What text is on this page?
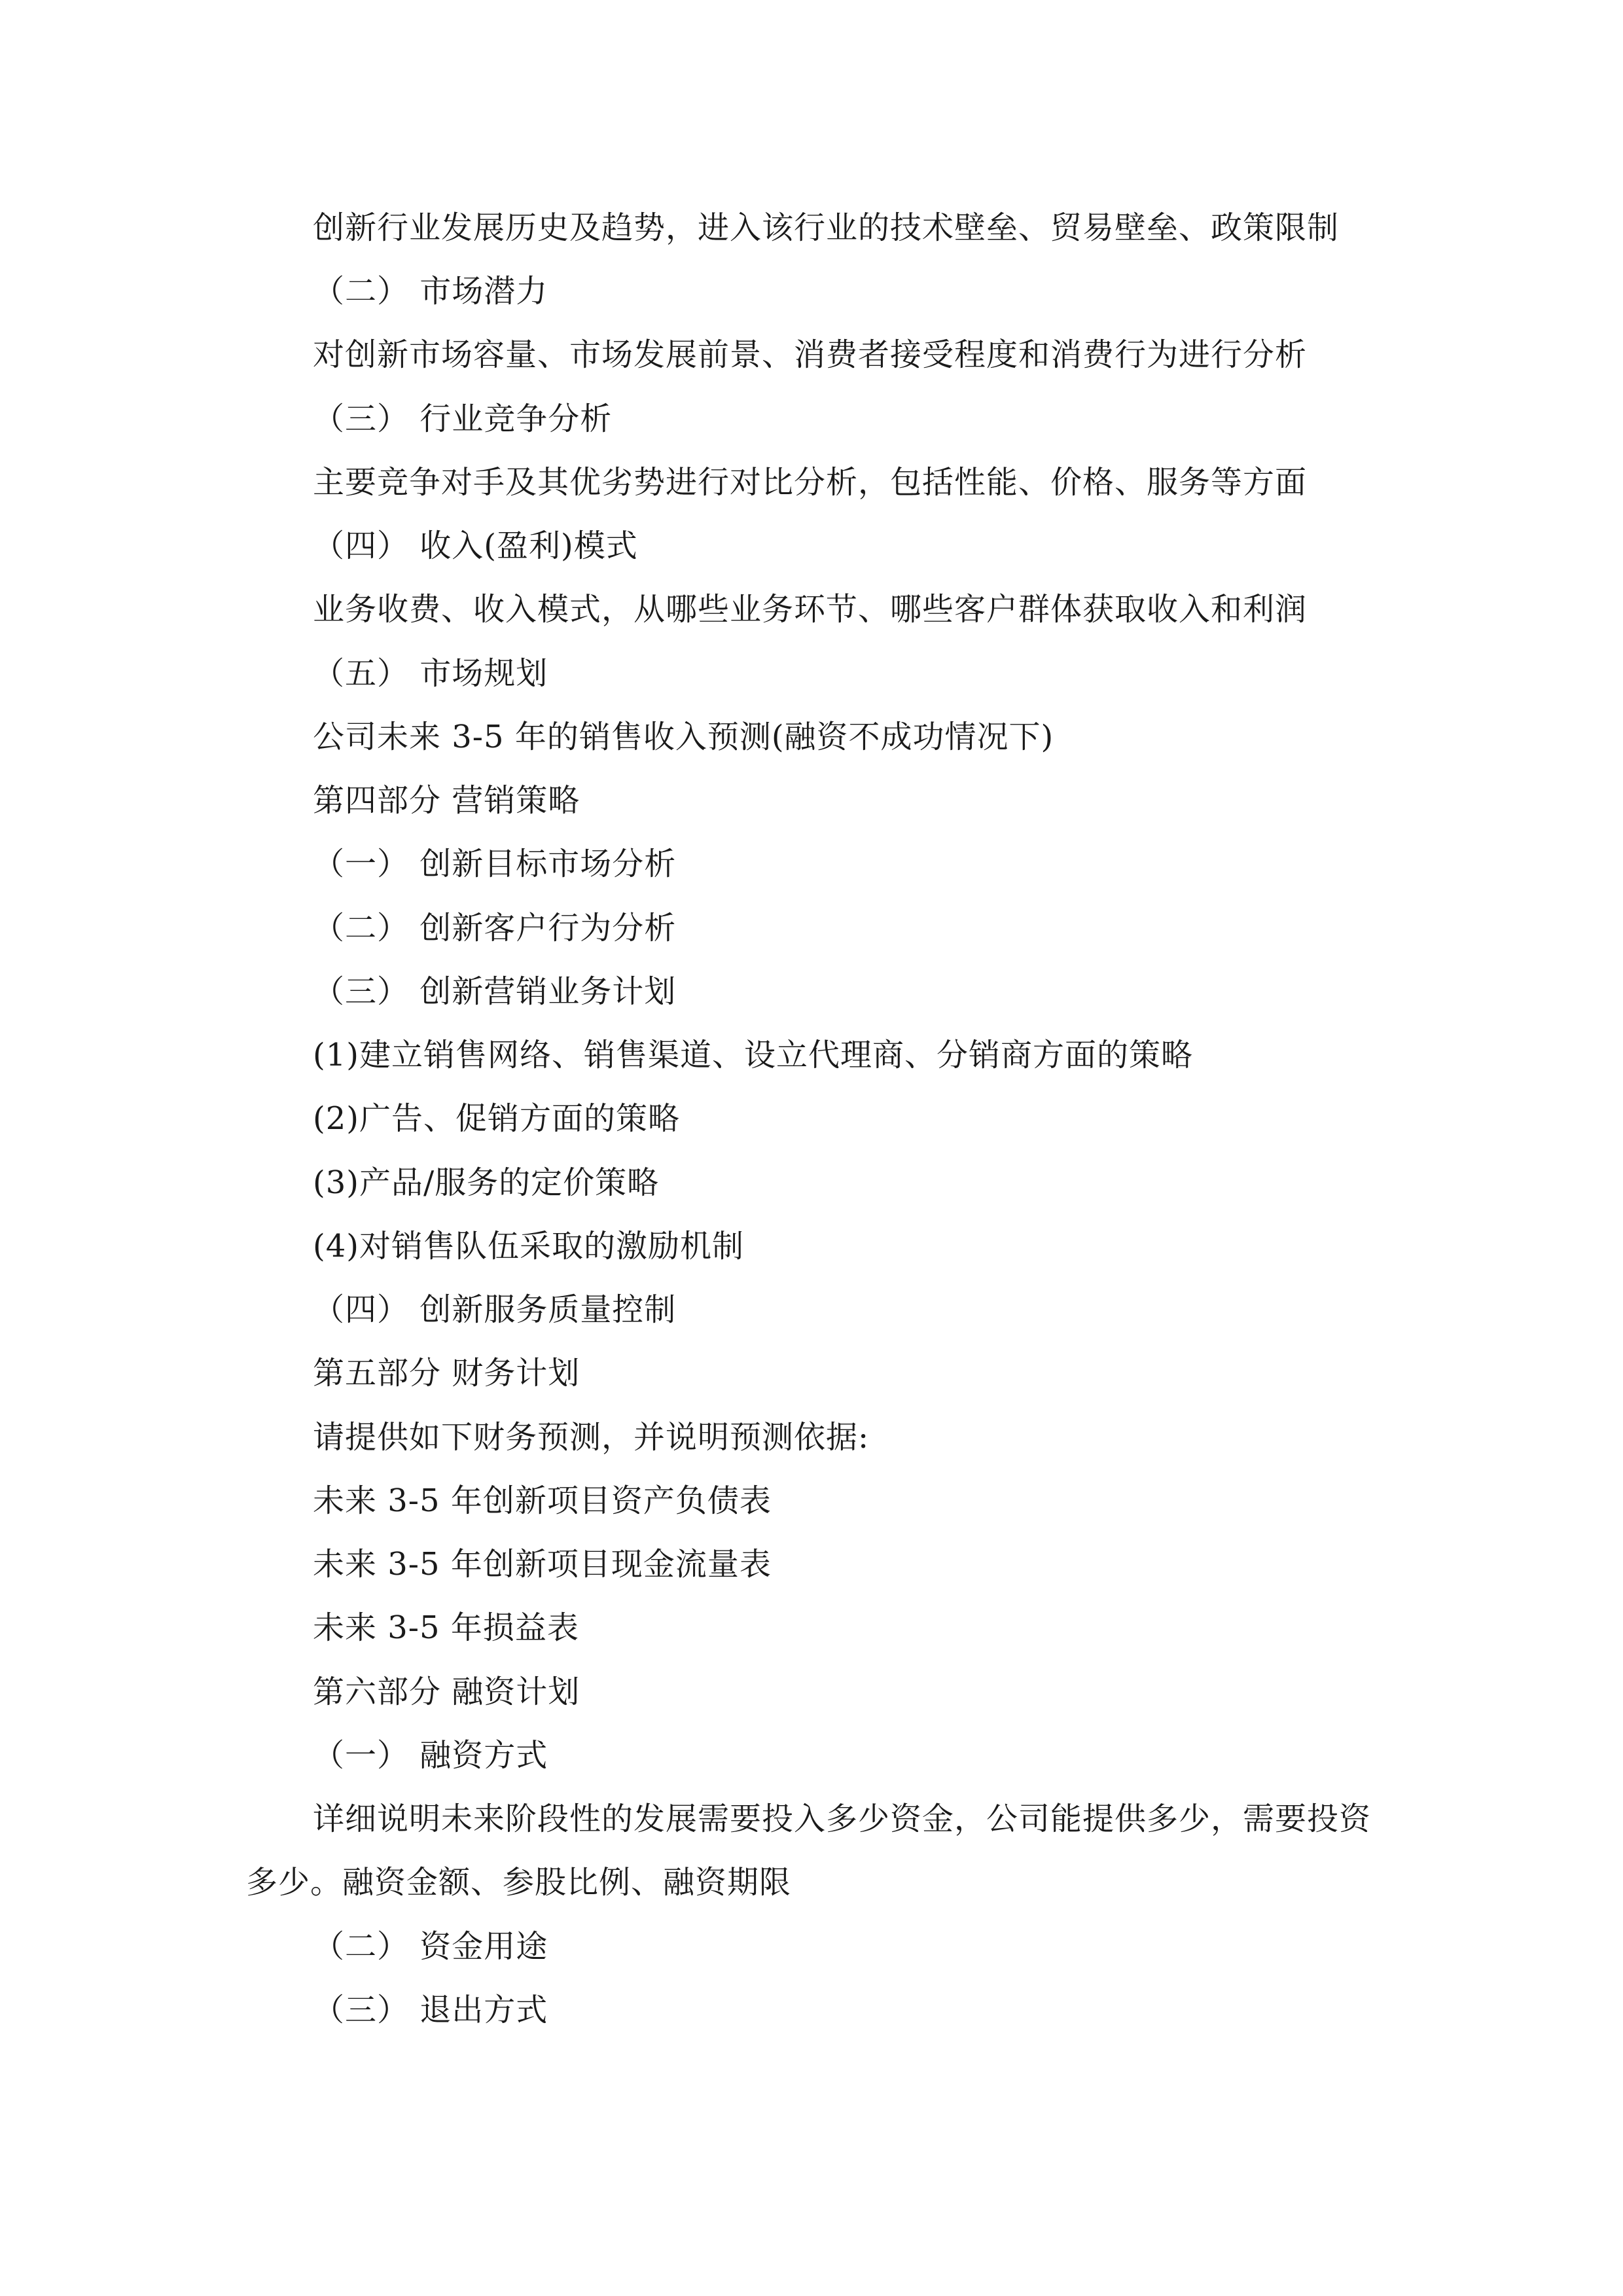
创新行业发展历史及趋势，进入该行业的技术壁垒、贸易壁垒、政策限制
（二） 市场潜力
对创新市场容量、市场发展前景、消费者接受程度和消费行为进行分析
（三） 行业竞争分析
主要竞争对手及其优劣势进行对比分析，包括性能、价格、服务等方面
（四） 收入(盈利)模式
业务收费、收入模式，从哪些业务环节、哪些客户群体获取收入和利润
（五） 市场规划
公司未来 3-5 年的销售收入预测(融资不成功情况下)
第四部分 营销策略
（一） 创新目标市场分析
（二） 创新客户行为分析
（三） 创新营销业务计划
(1)建立销售网络、销售渠道、设立代理商、分销商方面的策略
(2)广告、促销方面的策略
(3)产品/服务的定价策略
(4)对销售队伍采取的激励机制
（四） 创新服务质量控制
第五部分 财务计划
请提供如下财务预测，并说明预测依据:
未来 3-5 年创新项目资产负债表
未来 3-5 年创新项目现金流量表
未来 3-5 年损益表
第六部分 融资计划
（一） 融资方式
详细说明未来阶段性的发展需要投入多少资金，公司能提供多少，需要投资
多少。融资金额、参股比例、融资期限
（二） 资金用途
（三） 退出方式
